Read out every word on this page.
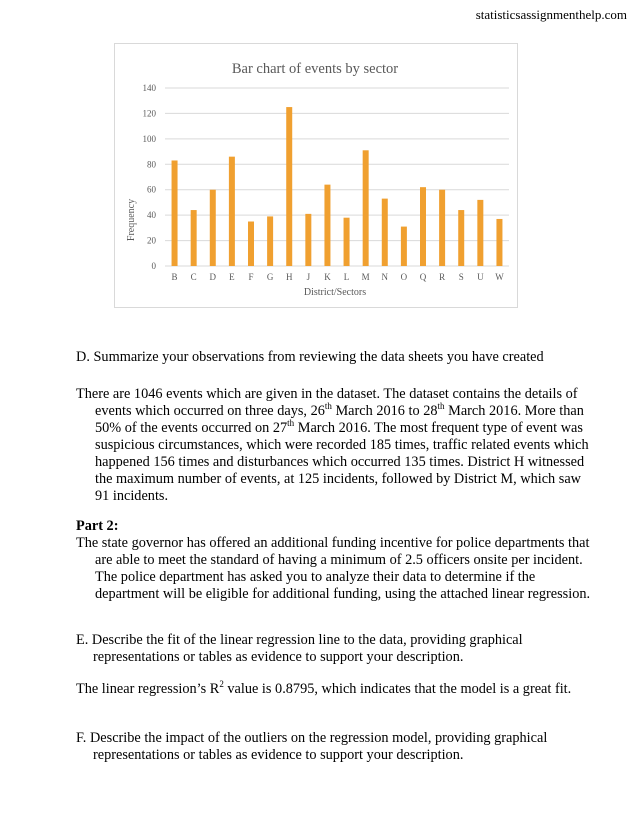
statisticsassignmenthelp.com
Bar chart of events by sector
0
20
40
60
80
100
120
140
B C D E F G H J K L M N O Q R S U W
District/Sectors
Frequency
D. Summarize your observations from reviewing the data sheets you have created
There are 1046 events which are given in the dataset. The dataset contains the details of events which occurred on three days, 26th March 2016 to 28th March 2016. More than 50% of the events occurred on 27th March 2016. The most frequent type of event was suspicious circumstances, which were recorded 185 times, traffic related events which happened 156 times and disturbances which occurred 135 times. District H witnessed the maximum number of events, at 125 incidents, followed by District M, which saw 91 incidents.
Part 2:
The state governor has offered an additional funding incentive for police departments that are able to meet the standard of having a minimum of 2.5 officers onsite per incident. The police department has asked you to analyze their data to determine if the department will be eligible for additional funding, using the attached linear regression.
E. Describe the fit of the linear regression line to the data, providing graphical representations or tables as evidence to support your description.
The linear regression’s $R^2$ value is 0.8795, which indicates that the model is a great fit.
F. Describe the impact of the outliers on the regression model, providing graphical representations or tables as evidence to support your description.
